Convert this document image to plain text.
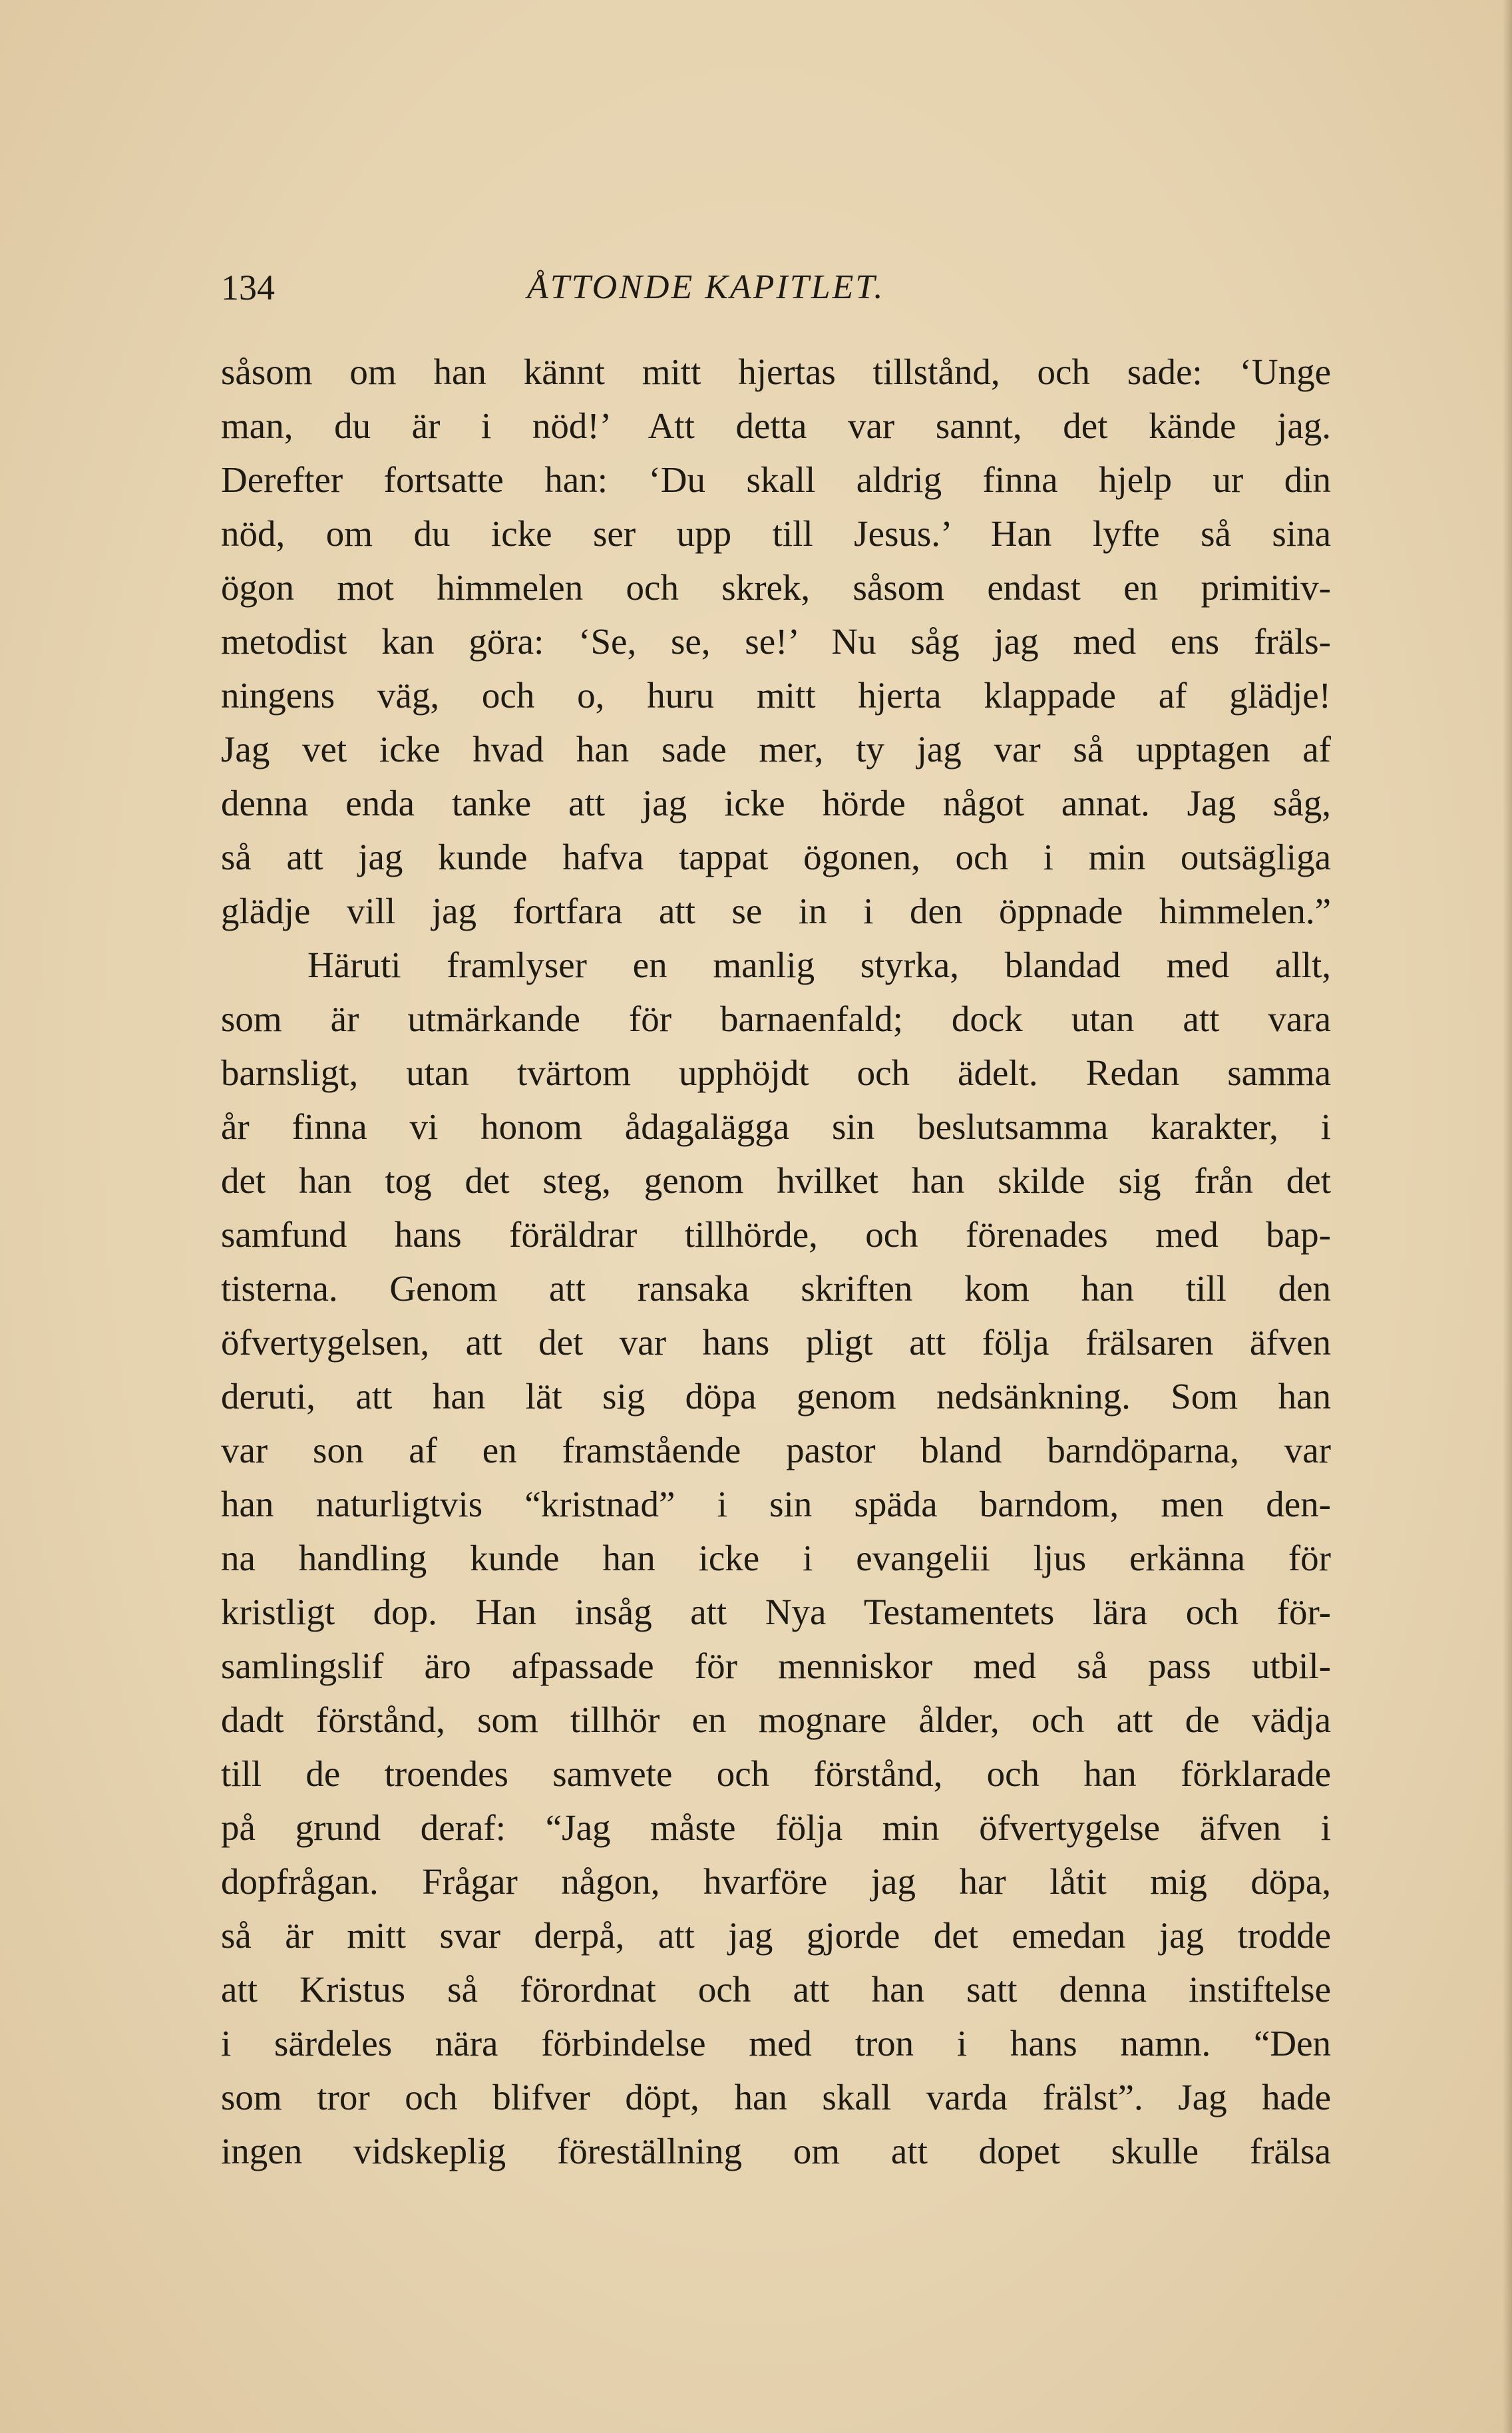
134	ÅTTONDE KAPITLET.
såsom om han kännt mitt hjertas tillstånd, och sade: ‘Unge
man, du är i nöd!’ Att detta var sannt, det kände jag.
Derefter fortsatte han: ‘Du skall aldrig finna hjelp ur din
nöd, om du icke ser upp till Jesus.’ Han lyfte så sina
ögon mot himmelen och skrek, såsom endast en primitiv-
metodist kan göra: ‘Se, se, se!’ Nu såg jag med ens fräls-
ningens väg, och o, huru mitt hjerta klappade af glädje!
Jag vet icke hvad han sade mer, ty jag var så upptagen af
denna enda tanke att jag icke hörde något annat. Jag såg,
så att jag kunde hafva tappat ögonen, och i min outsägliga
glädje vill jag fortfara att se in i den öppnade himmelen.”
Häruti framlyser en manlig styrka, blandad med allt,
som är utmärkande för barnaenfald; dock utan att vara
barnsligt, utan tvärtom upphöjdt och ädelt. Redan samma
år finna vi honom ådagalägga sin beslutsamma karakter, i
det han tog det steg, genom hvilket han skilde sig från det
samfund hans föräldrar tillhörde, och förenades med bap-
tisterna. Genom att ransaka skriften kom han till den
öfvertygelsen, att det var hans pligt att följa frälsaren äfven
deruti, att han lät sig döpa genom nedsänkning. Som han
var son af en framstående pastor bland barndöparna, var
han naturligtvis “kristnad” i sin späda barndom, men den-
na handling kunde han icke i evangelii ljus erkänna för
kristligt dop. Han insåg att Nya Testamentets lära och för-
samlingslif äro afpassade för menniskor med så pass utbil-
dadt förstånd, som tillhör en mognare ålder, och att de vädja
till de troendes samvete och förstånd, och han förklarade
på grund deraf: “Jag måste följa min öfvertygelse äfven i
dopfrågan. Frågar någon, hvarföre jag har låtit mig döpa,
så är mitt svar derpå, att jag gjorde det emedan jag trodde
att Kristus så förordnat och att han satt denna instiftelse
i särdeles nära förbindelse med tron i hans namn. “Den
som tror och blifver döpt, han skall varda frälst”. Jag hade
ingen vidskeplig föreställning om att dopet skulle frälsa
